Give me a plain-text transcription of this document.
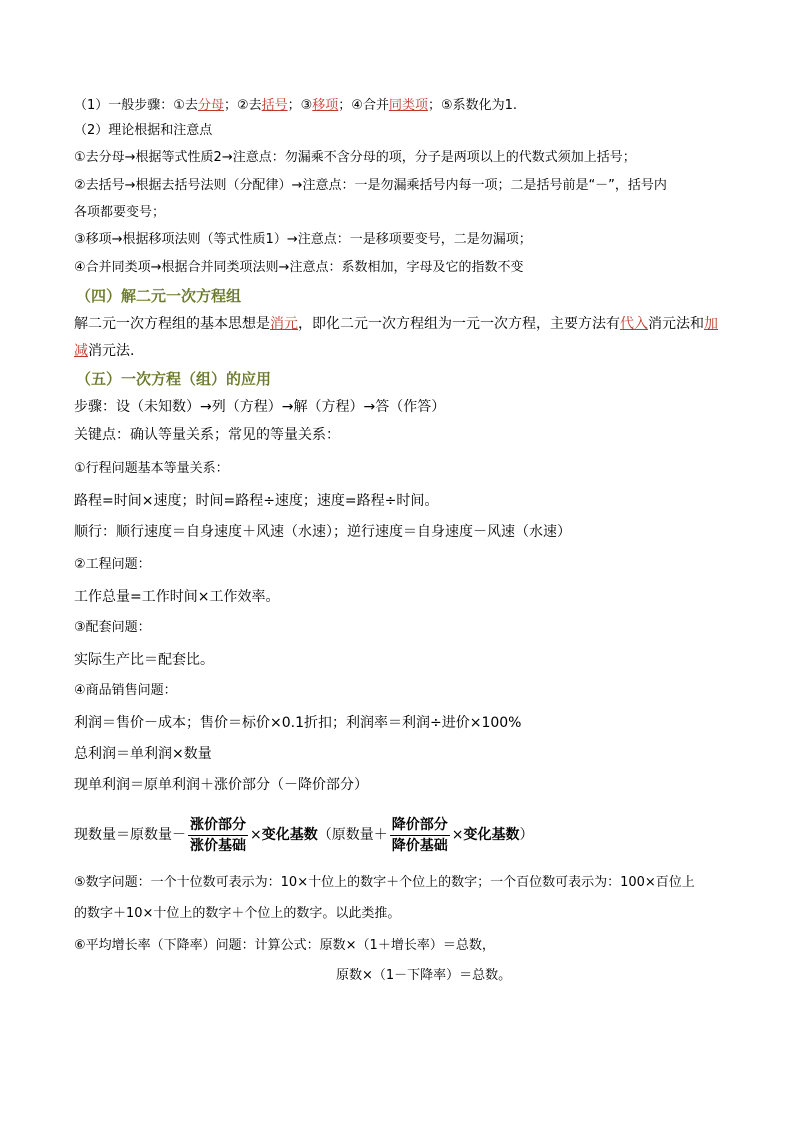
（1）一般步骤：①去分母；②去括号；③移项；④合并同类项；⑤系数化为1.
（2）理论根据和注意点
①去分母→根据等式性质2→注意点：勿漏乘不含分母的项，分子是两项以上的代数式须加上括号；
②去括号→根据去括号法则（分配律）→注意点：一是勿漏乘括号内每一项；二是括号前是“－”，括号内
各项都要变号；
③移项→根据移项法则（等式性质1）→注意点：一是移项要变号，二是勿漏项；
④合并同类项→根据合并同类项法则→注意点：系数相加，字母及它的指数不变
（四）解二元一次方程组
解二元一次方程组的基本思想是消元，即化二元一次方程组为一元一次方程，主要方法有代入消元法和加
减消元法.
（五）一次方程（组）的应用
步骤：设（未知数）→列（方程）→解（方程）→答（作答）
关键点：确认等量关系；常见的等量关系：
①行程问题基本等量关系：
路程=时间×速度；时间=路程÷速度；速度=路程÷时间。
顺行：顺行速度＝自身速度＋风速（水速）；逆行速度＝自身速度－风速（水速）
②工程问题：
工作总量=工作时间×工作效率。
③配套问题：
实际生产比＝配套比。
④商品销售问题：
利润＝售价－成本；售价＝标价×0.1折扣；利润率＝利润÷进价×100%
总利润＝单利润×数量
现单利润＝原单利润＋涨价部分（－降价部分）
现数量＝原数量－ $\frac{\text{涨价部分}}{\text{涨价基础}}$ ×变化基数（原数量＋ $\frac{\text{降价部分}}{\text{降价基础}}$ ×变化基数）
⑤数字问题：一个十位数可表示为：10×十位上的数字＋个位上的数字；一个百位数可表示为：100×百位上
的数字＋10×十位上的数字＋个位上的数字。以此类推。
⑥平均增长率（下降率）问题：计算公式：原数×（1＋增长率）＝总数，
原数×（1－下降率）＝总数。
